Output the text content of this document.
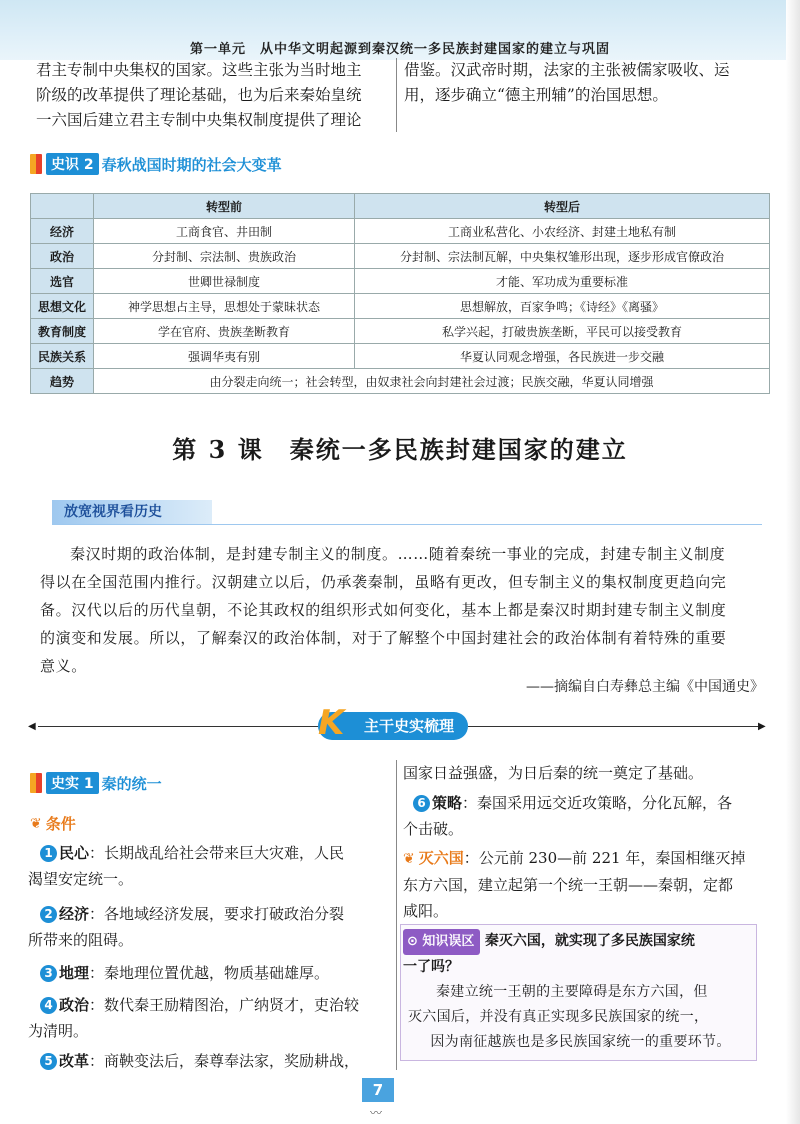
第一单元　从中华文明起源到秦汉统一多民族封建国家的建立与巩固
君主专制中央集权的国家。这些主张为当时地主
阶级的改革提供了理论基础，也为后来秦始皇统
一六国后建立君主专制中央集权制度提供了理论
借鉴。汉武帝时期，法家的主张被儒家吸收、运
用，逐步确立“德主刑辅”的治国思想。
史识 2 春秋战国时期的社会大变革
	转型前	转型后
经济	工商食官、井田制	工商业私营化、小农经济、封建土地私有制
政治	分封制、宗法制、贵族政治	分封制、宗法制瓦解，中央集权雏形出现，逐步形成官僚政治
选官	世卿世禄制度	才能、军功成为重要标准
思想文化	神学思想占主导，思想处于蒙昧状态	思想解放，百家争鸣；《诗经》《离骚》
教育制度	学在官府、贵族垄断教育	私学兴起，打破贵族垄断，平民可以接受教育
民族关系	强调华夷有别	华夏认同观念增强，各民族进一步交融
趋势	由分裂走向统一；社会转型，由奴隶社会向封建社会过渡；民族交融，华夏认同增强	
第 3 课　秦统一多民族封建国家的建立
放宽视界看历史
秦汉时期的政治体制，是封建专制主义的制度。……随着秦统一事业的完成，封建专制主义制度
得以在全国范围内推行。汉朝建立以后，仍承袭秦制，虽略有更改，但专制主义的集权制度更趋向完
备。汉代以后的历代皇朝，不论其政权的组织形式如何变化，基本上都是秦汉时期封建专制主义制度
的演变和发展。所以，了解秦汉的政治体制，对于了解整个中国封建社会的政治体制有着特殊的重要
意义。
——摘编自白寿彝总主编《中国通史》
◀	▶
主干史实梳理
K
史实 1 秦的统一
❦ 条件
1 民心：长期战乱给社会带来巨大灾难，人民
渴望安定统一。
2 经济：各地域经济发展，要求打破政治分裂
所带来的阻碍。
3 地理：秦地理位置优越，物质基础雄厚。
4 政治：数代秦王励精图治，广纳贤才，吏治较
为清明。
5 改革：商鞅变法后，秦尊奉法家，奖励耕战，
国家日益强盛，为日后秦的统一奠定了基础。
6 策略：秦国采用远交近攻策略，分化瓦解，各
个击破。
❦ 灭六国：公元前 230—前 221 年，秦国相继灭掉
东方六国，建立起第一个统一王朝——秦朝，定都
咸阳。
⊙ 知识误区 秦灭六国，就实现了多民族国家统
一了吗？
秦建立统一王朝的主要障碍是东方六国，但
灭六国后，并没有真正实现多民族国家的统一，
因为南征越族也是多民族国家统一的重要环节。
7
〰
